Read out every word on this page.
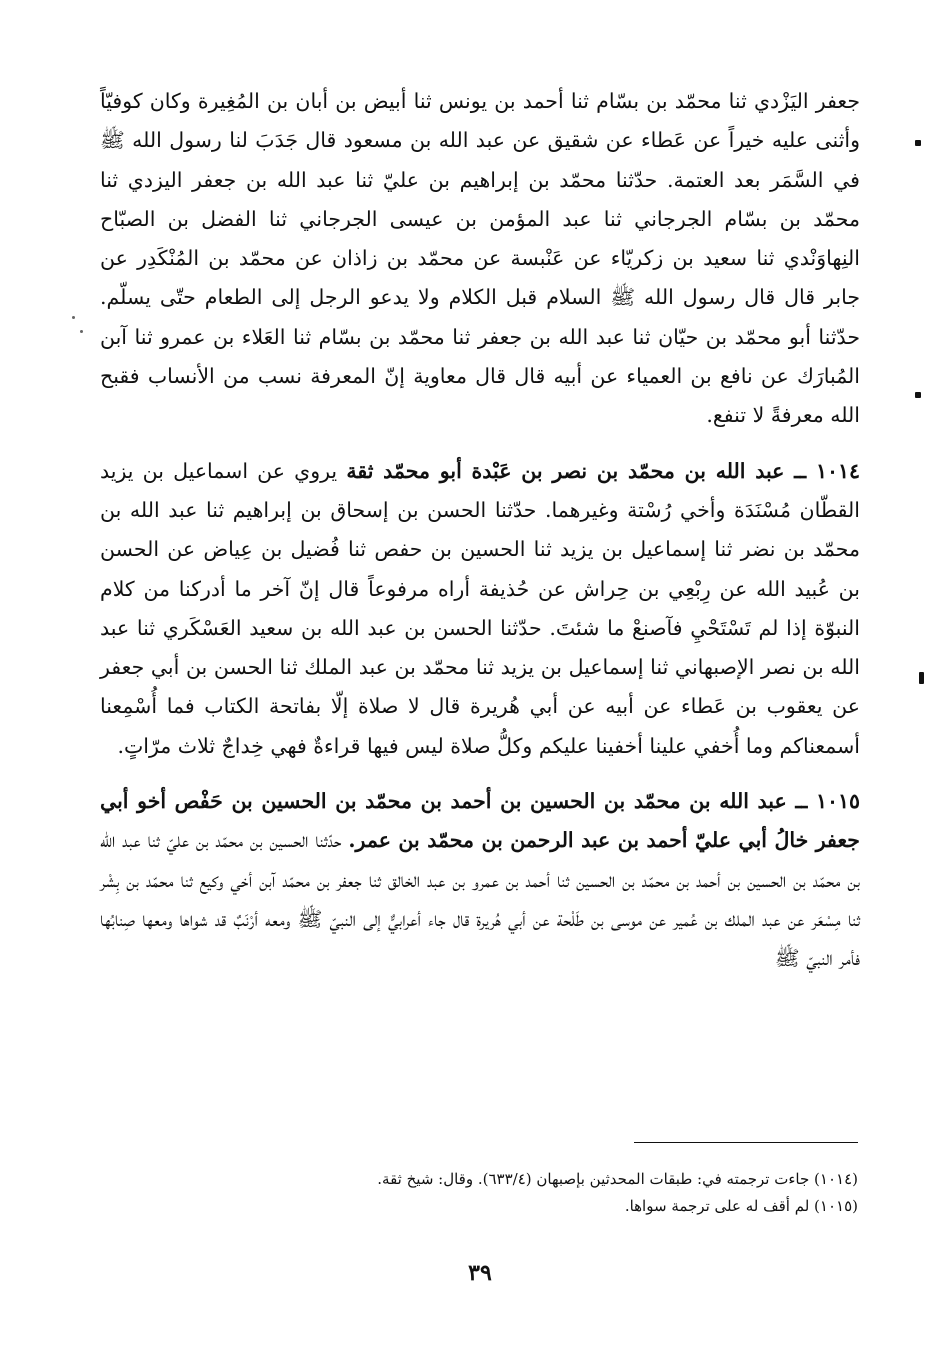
جعفر اليَزْدي ثنا محمّد بن بسّام ثنا أحمد بن يونس ثنا أبيض بن أبان بن المُغِيرة وكان كوفيّاً وأثنى عليه خيراً عن عَطاء عن شقيق عن عبد الله بن مسعود قال جَدَبَ لنا رسول الله ﷺ في السَّمَر بعد العتمة. حدّثنا محمّد بن إبراهيم بن عليّ ثنا عبد الله بن جعفر اليزدي ثنا محمّد بن بسّام الجرجاني ثنا عبد المؤمن بن عيسى الجرجاني ثنا الفضل بن الصبّاح النِهاوَنْدي ثنا سعيد بن زكريّاء عن عَنْبسة عن محمّد بن زاذان عن محمّد بن المُنْكَدِر عن جابر قال قال رسول الله ﷺ السلام قبل الكلام ولا يدعو الرجل إلى الطعام حتّى يسلّم. حدّثنا أبو محمّد بن حيّان ثنا عبد الله بن جعفر ثنا محمّد بن بسّام ثنا العَلاء بن عمرو ثنا آبن المُبارَك عن نافع بن العمياء عن أبيه قال قال معاوية إنّ المعرفة نسب من الأنساب فقبح الله معرفةً لا تنفع.

١٠١٤ ــ عبد الله بن محمّد بن نصر بن عَبْدة أبو محمّد ثقة يروي عن اسماعيل بن يزيد القطّان مُسْنَدَة وأخي رُسْتة وغيرهما. حدّثنا الحسن بن إسحاق بن إبراهيم ثنا عبد الله بن محمّد بن نضر ثنا إسماعيل بن يزيد ثنا الحسين بن حفص ثنا فُضيل بن عِياض عن الحسن بن عُبيد الله عن رِبْعِي بن حِراش عن حُذيفة أراه مرفوعاً قال إنّ آخر ما أدركنا من كلام النبوّة إذا لم تَسْتَحْيِ فآصنعْ ما شئتَ. حدّثنا الحسن بن عبد الله بن سعيد العَسْكَري ثنا عبد الله بن نصر الإصبهاني ثنا إسماعيل بن يزيد ثنا محمّد بن عبد الملك ثنا الحسن بن أبي جعفر عن يعقوب بن عَطاء عن أبيه عن أبي هُريرة قال لا صلاة إلّا بفاتحة الكتاب فما أُسْمِعنا أسمعناكم وما أُخفي علينا أخفينا عليكم وكلُّ صلاة ليس فيها قراءةٌ فهي خِداجٌ ثلاث مرّاتٍ.

١٠١٥ ــ عبد الله بن محمّد بن الحسين بن أحمد بن محمّد بن الحسين بن حَفْص أخو أبي جعفر خالُ أبي عليّ أحمد بن عبد الرحمن بن محمّد بن عمر. حدّثنا الحسين بن محمّد بن عليّ ثنا عبد الله بن محمّد بن الحسين بن أحمد بن محمّد بن الحسين ثنا أحمد بن عمرو بن عبد الخالق ثنا جعفر بن محمّد آبن أخي وكيع ثنا محمّد بن بِشْر ثنا مِسْعَر عن عبد الملك بن عُمير عن موسى بن طَلْحة عن أبي هُريرة قال جاء أعرابيٌّ إلى النبيّ ﷺ ومعه أرْنَبٌ قد شواها ومعها صِنابُها فأمر النبيّ ﷺ

(١٠١٤) جاءت ترجمته في: طبقات المحدثين بإصبهان (٦٣٣/٤). وقال: شيخ ثقة.

(١٠١٥) لم أقف له على ترجمة سواها.

٣٩
